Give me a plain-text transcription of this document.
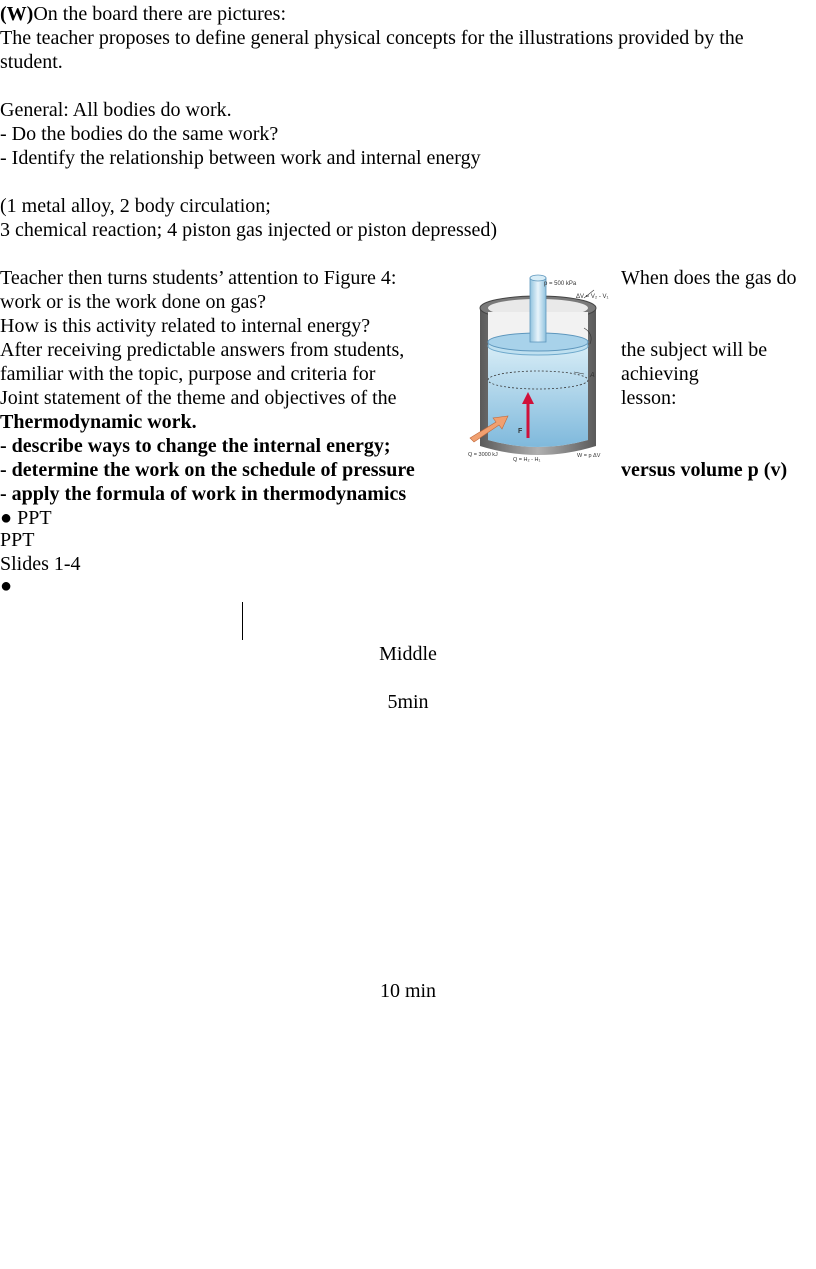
(W)On the board there are pictures:
The teacher proposes to define general physical concepts for the illustrations provided by the
student.
General: All bodies do work.
- Do the bodies do the same work?
- Identify the relationship between work and internal energy
(1 metal alloy, 2 body circulation;
3 chemical reaction; 4 piston gas injected or piston depressed)
Teacher then turns students’ attention to Figure 4:
work or is the work done on gas?
How is this activity related to internal energy?
After receiving predictable answers from students,
familiar with the topic, purpose and criteria for
Joint statement of the theme and objectives of the
Thermodynamic work.
- describe ways to change the internal energy;
- determine the work on the schedule of pressure
- apply the formula of work in thermodynamics
When does the gas do
the subject will be
achieving
lesson:
versus volume p (v)
● PPT
PPT
Slides 1-4
●
Middle
5min
10 min
p = 500 kPa
ΔV = V₂ - V₁
A
F
Q = 3000 kJ
Q = H₂ - H₁
W = p ΔV
